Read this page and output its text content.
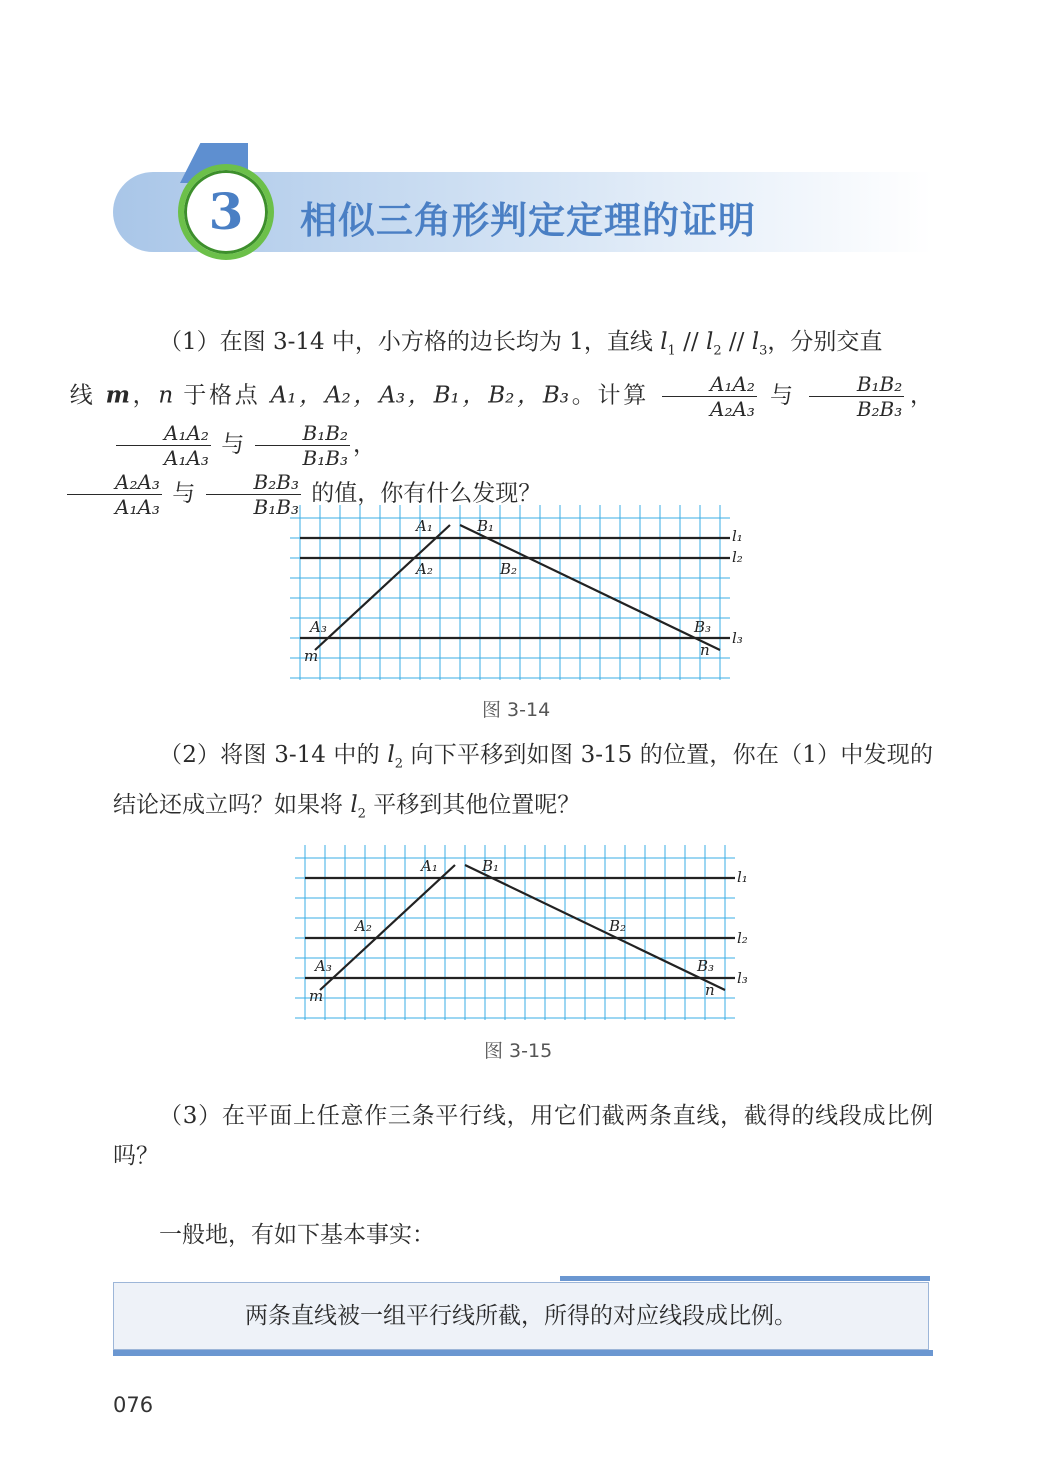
3	相似三角形判定定理的证明
（1）在图 3-14 中，小方格的边长均为 1，直线 $l_1 // l_2 // l_3$，分别交直
线 m，n 于格点 A₁，A₂，A₃，B₁，B₂，B₃。计算 $\frac{\text{A₁A₂}}{\text{A₂A₃}}$ 与 $\frac{\text{B₁B₂}}{\text{B₂B₃}}$ ，
$\frac{\text{A₁A₂}}{\text{A₁A₃}}$ 与 $\frac{\text{B₁B₂}}{\text{B₁B₃}}$ ，

$\frac{\text{A₂A₃}}{\text{A₁A₃}}$ 与 $\frac{\text{B₂B₃}}{\text{B₁B₃}}$ 的值，你有什么发现？
A₁	B₁
A₂	B₂
A₃	B₃
m	n
l₁
l₂
l₃
图 3-14
（2）将图 3-14 中的 $l_2$ 向下平移到如图 3-15 的位置，你在（1）中发现的结论还成立吗？如果将 $l_2$ 平移到其他位置呢？
A₁	B₁
A₂	B₂
A₃	B₃
m	n
l₁
l₂
l₃
图 3-15
（3）在平面上任意作三条平行线，用它们截两条直线，截得的线段成比例吗？
一般地，有如下基本事实：
两条直线被一组平行线所截，所得的对应线段成比例。
076
